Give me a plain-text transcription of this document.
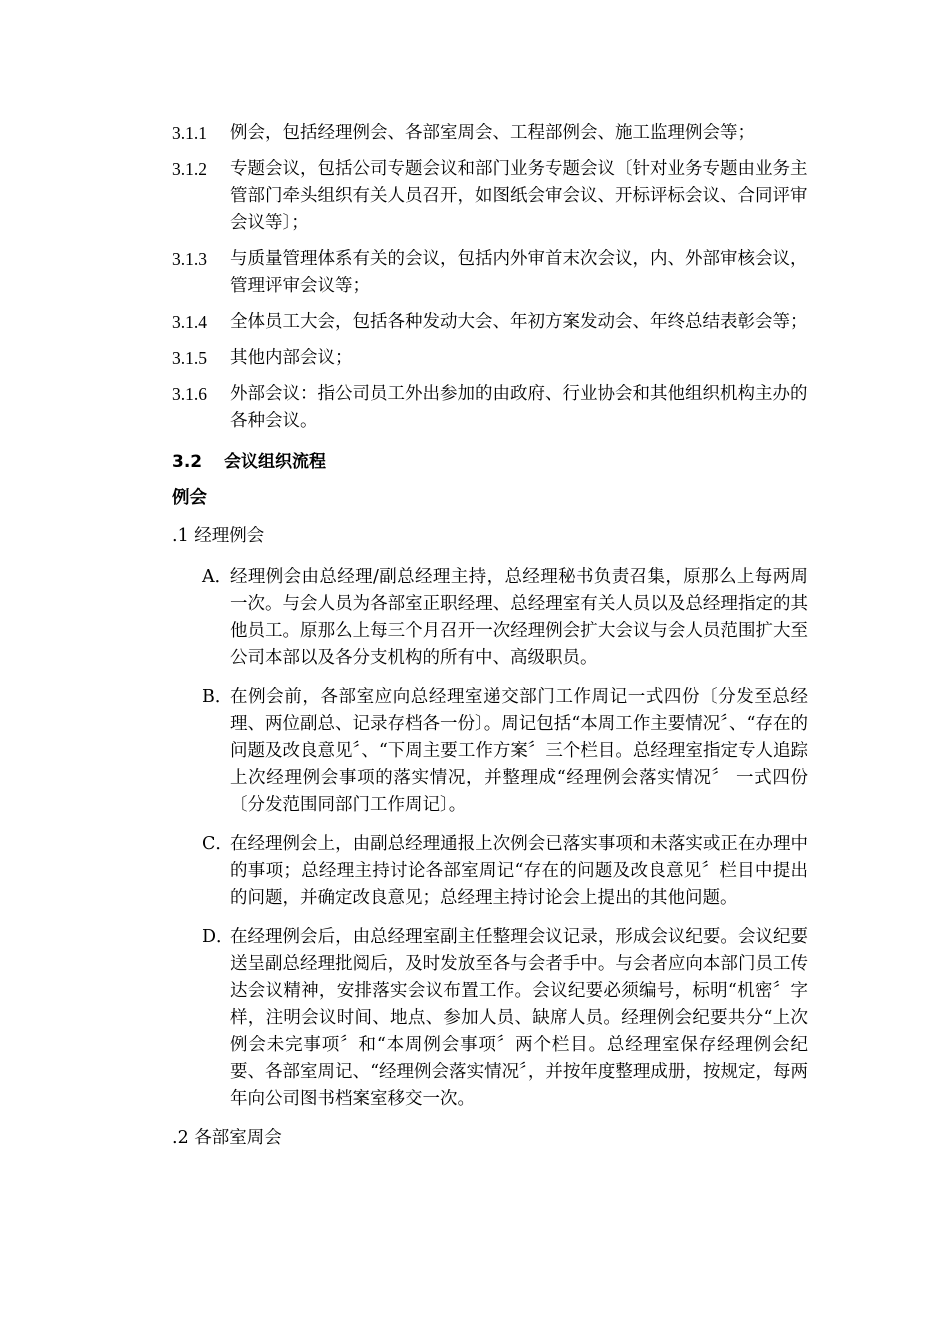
3.1.1 例会，包括经理例会、各部室周会、工程部例会、施工监理例会等；
3.1.2 专题会议，包括公司专题会议和部门业务专题会议〔针对业务专题由业务主管部门牵头组织有关人员召开，如图纸会审会议、开标评标会议、合同评审会议等〕；
3.1.3 与质量管理体系有关的会议，包括内外审首末次会议，内、外部审核会议，管理评审会议等；
3.1.4 全体员工大会，包括各种发动大会、年初方案发动会、年终总结表彰会等；
3.1.5 其他内部会议；
3.1.6 外部会议：指公司员工外出参加的由政府、行业协会和其他组织机构主办的各种会议。
3.2 会议组织流程
例会
.1 经理例会
A．
经理例会由总经理/副总经理主持，总经理秘书负责召集，原那么上每两周一次。与会人员为各部室正职经理、总经理室有关人员以及总经理指定的其他员工。原那么上每三个月召开一次经理例会扩大会议与会人员范围扩大至公司本部以及各分支机构的所有中、高级职员。
B．
在例会前，各部室应向总经理室递交部门工作周记一式四份〔分发至总经理、两位副总、记录存档各一份〕。周记包括“本周工作主要情况〞、“存在的问题及改良意见〞、“下周主要工作方案〞三个栏目。总经理室指定专人追踪上次经理例会事项的落实情况，并整理成“经理例会落实情况〞 一式四份〔分发范围同部门工作周记〕。
C．
在经理例会上，由副总经理通报上次例会已落实事项和未落实或正在办理中的事项；总经理主持讨论各部室周记“存在的问题及改良意见〞栏目中提出的问题，并确定改良意见；总经理主持讨论会上提出的其他问题。
D．
在经理例会后，由总经理室副主任整理会议记录，形成会议纪要。会议纪要送呈副总经理批阅后，及时发放至各与会者手中。与会者应向本部门员工传达会议精神，安排落实会议布置工作。会议纪要必须编号，标明“机密〞字样，注明会议时间、地点、参加人员、缺席人员。经理例会纪要共分“上次例会未完事项〞和“本周例会事项〞两个栏目。总经理室保存经理例会纪要、各部室周记、“经理例会落实情况〞，并按年度整理成册，按规定，每两年向公司图书档案室移交一次。
.2 各部室周会
